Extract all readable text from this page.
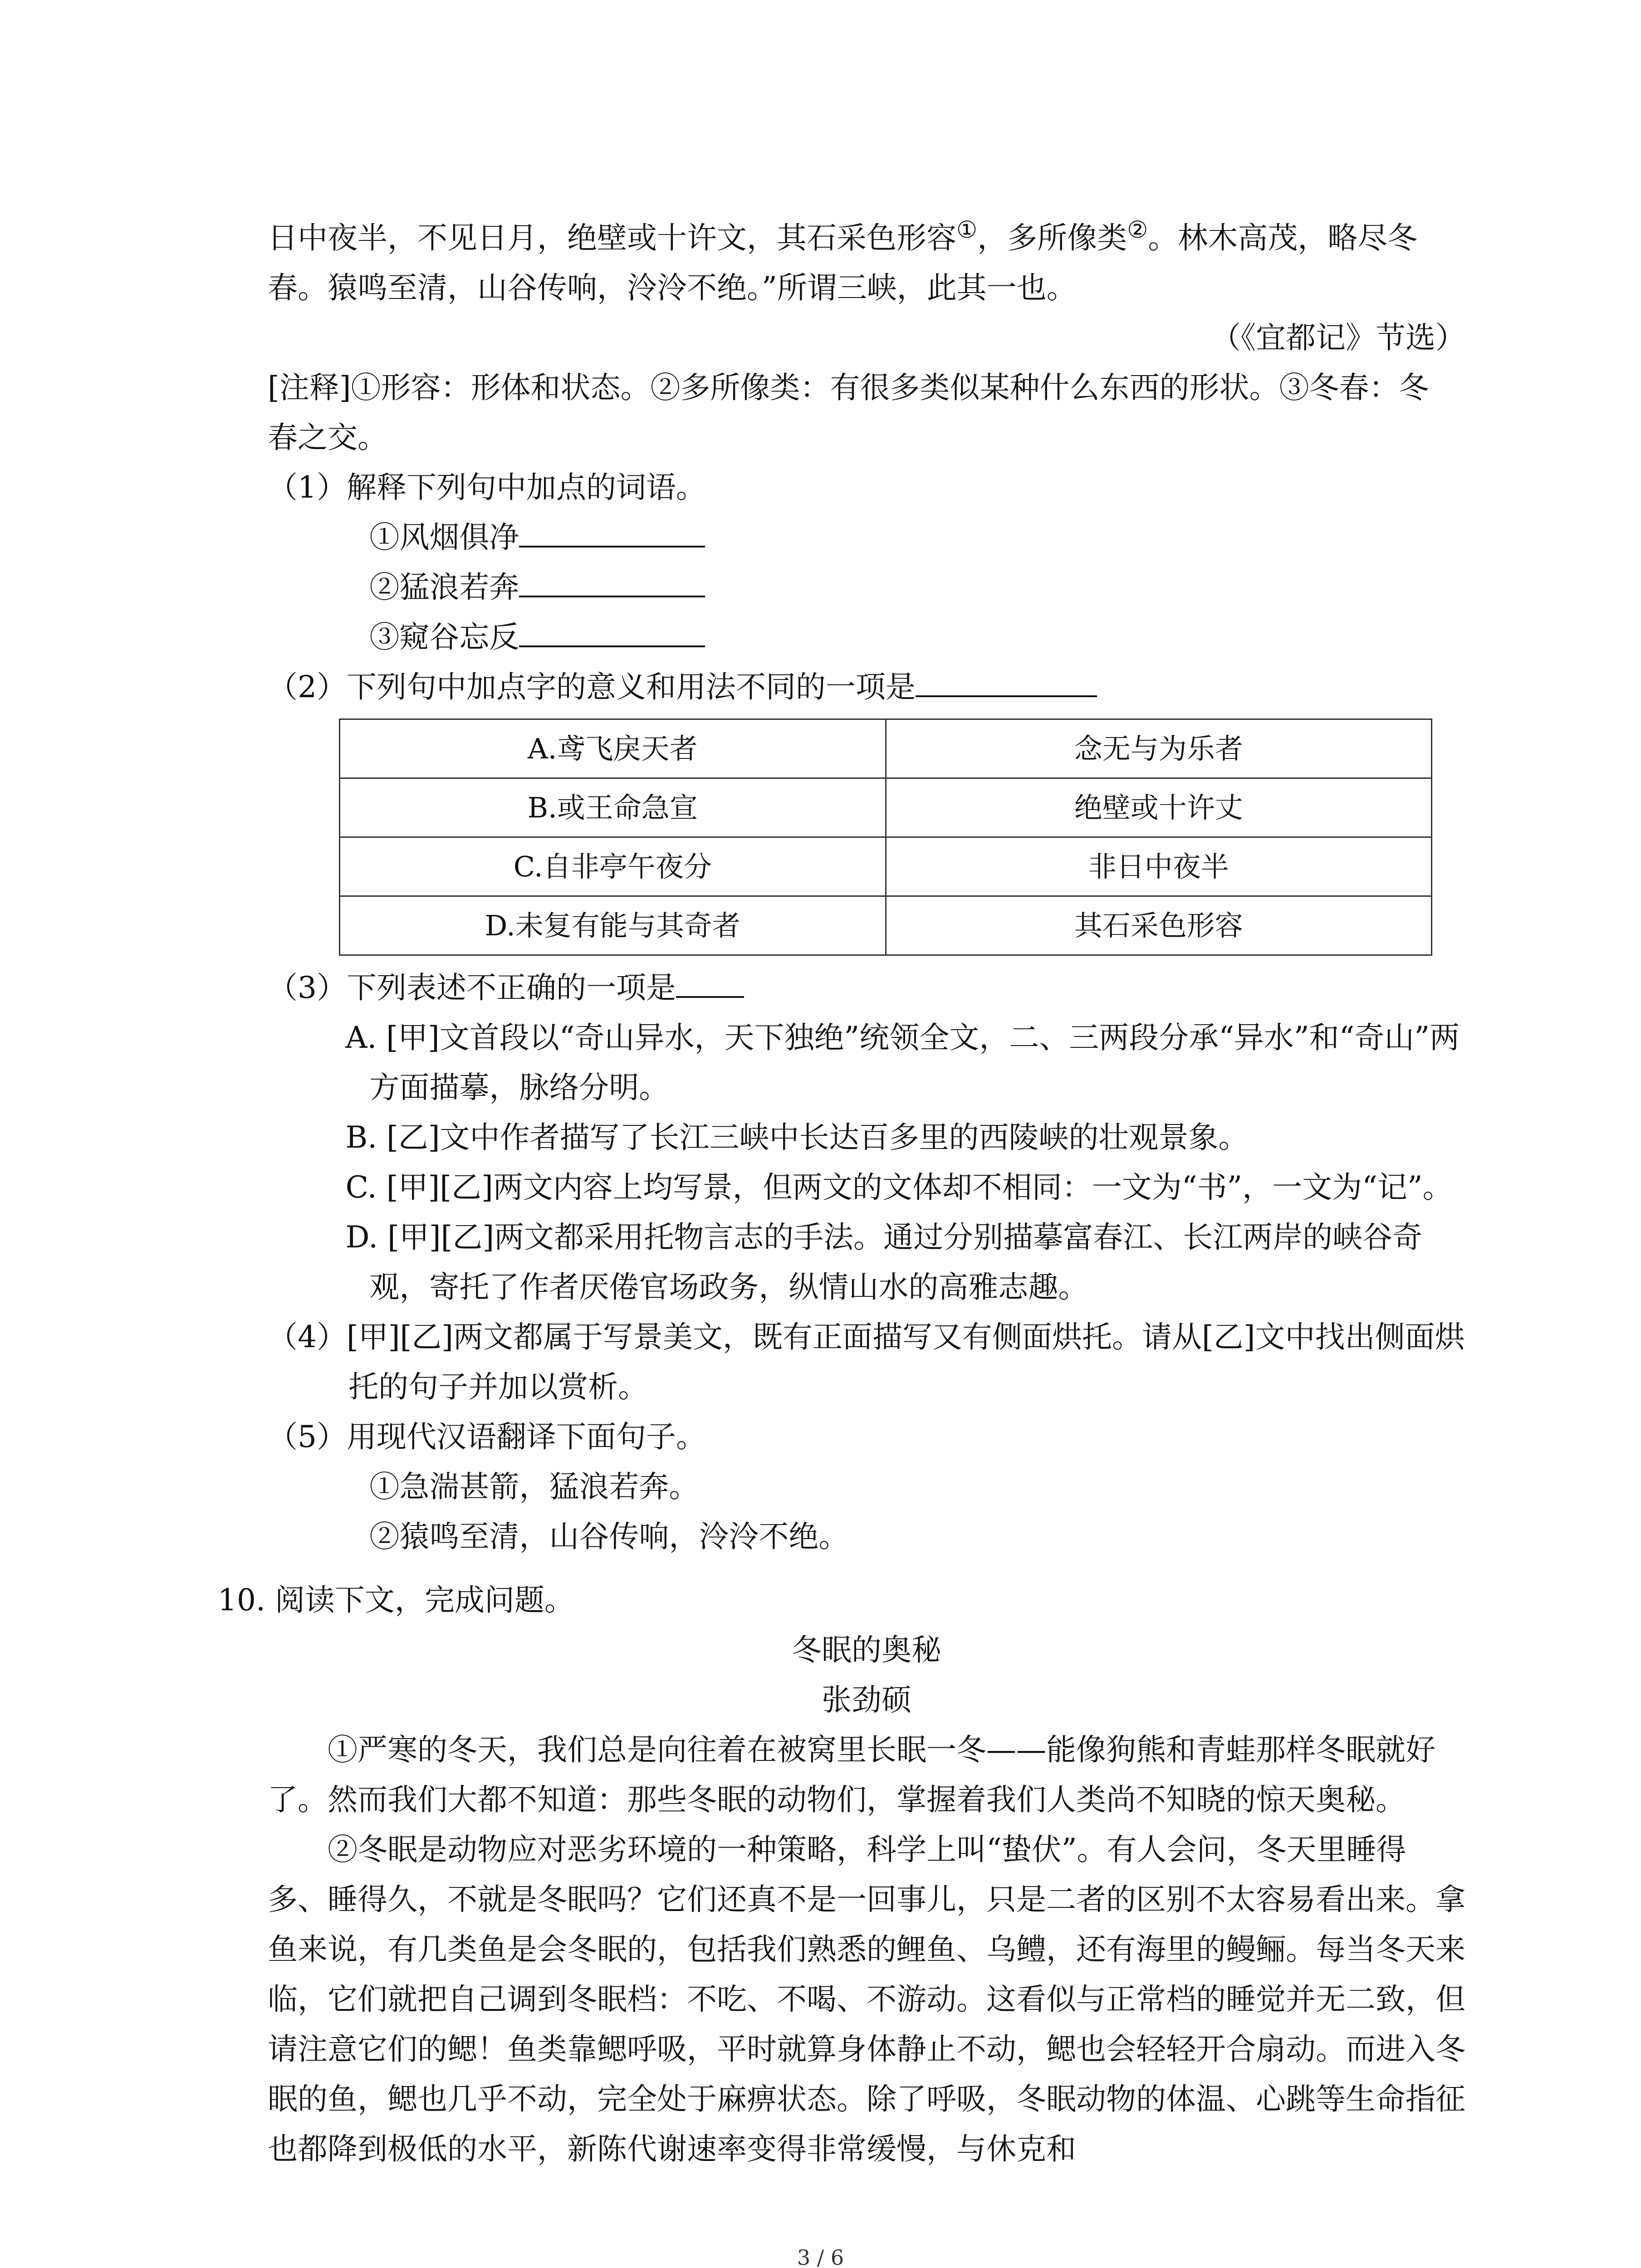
日中夜半，不见日月，绝壁或十许文，其石采色形容①，多所像类②。林木高茂，略尽冬

春。猿鸣至清，山谷传响，泠泠不绝。”所谓三峡，此其一也。

（《宜都记》节选）

[注释]①形容：形体和状态。②多所像类：有很多类似某种什么东西的形状。③冬春：冬

春之交。

（1）解释下列句中加点的词语。

①风烟俱净

②猛浪若奔

③窥谷忘反

（2）下列句中加点字的意义和用法不同的一项是

A.鸢飞戾天者	念无与为乐者
B.或王命急宣	绝壁或十许丈
C.自非亭午夜分	非日中夜半
D.未复有能与其奇者	其石采色形容

（3）下列表述不正确的一项是

A. [甲]文首段以“奇山异水，天下独绝”统领全文，二、三两段分承“异水”和“奇山”两方面描摹，脉络分明。

B. [乙]文中作者描写了长江三峡中长达百多里的西陵峡的壮观景象。

C. [甲][乙]两文内容上均写景，但两文的文体却不相同：一文为“书”，一文为“记”。

D. [甲][乙]两文都采用托物言志的手法。通过分别描摹富春江、长江两岸的峡谷奇观，寄托了作者厌倦官场政务，纵情山水的高雅志趣。

（4）[甲][乙]两文都属于写景美文，既有正面描写又有侧面烘托。请从[乙]文中找出侧面烘托的句子并加以赏析。

（5）用现代汉语翻译下面句子。

①急湍甚箭，猛浪若奔。

②猿鸣至清，山谷传响，泠泠不绝。

10. 阅读下文，完成问题。

冬眠的奥秘

张劲硕

①严寒的冬天，我们总是向往着在被窝里长眠一冬——能像狗熊和青蛙那样冬眠就好了。然而我们大都不知道：那些冬眠的动物们，掌握着我们人类尚不知晓的惊天奥秘。

②冬眠是动物应对恶劣环境的一种策略，科学上叫“蛰伏”。有人会问，冬天里睡得多、睡得久，不就是冬眠吗？它们还真不是一回事儿，只是二者的区别不太容易看出来。拿鱼来说，有几类鱼是会冬眠的，包括我们熟悉的鲤鱼、乌鳢，还有海里的鳗鲡。每当冬天来临，它们就把自己调到冬眠档：不吃、不喝、不游动。这看似与正常档的睡觉并无二致，但请注意它们的鳃！鱼类靠鳃呼吸，平时就算身体静止不动，鳃也会轻轻开合扇动。而进入冬眠的鱼，鳃也几乎不动，完全处于麻痹状态。除了呼吸，冬眠动物的体温、心跳等生命指征也都降到极低的水平，新陈代谢速率变得非常缓慢，与休克和

3 / 6
